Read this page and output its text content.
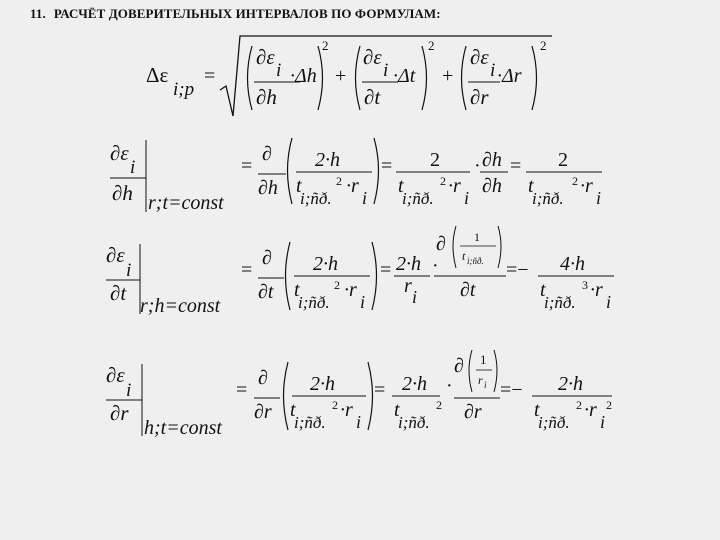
11. РАСЧЁТ ДОВЕРИТЕЛЬНЫХ ИНТЕРВАЛОВ ПО ФОРМУЛАМ:
Δε
i;p
=
∂ε
i
∂h
·Δh
2
+
∂ε
i
∂t
·Δt
2
+
∂ε
i
∂r
·Δr
2
∂ε
i
∂h r;t=const
=
∂
∂h
2·h
t
i;ñð.
2 ·r
i
= 2
t
i;ñð.
2 ·r
i
· ∂h
∂h
= 2
t
i;ñð.
2 ·r
i
∂ε
i
∂t
r;h=const
=
∂
∂t
2·h
t
i;ñð.
2 ·r
i
= 2·h
r i
·
∂ 1
t i;ñð.
∂t
=− 4·h
t
i;ñð.
3 ·r
i
∂ε
i
∂r
h;t=const
=
∂
∂r
2·h
t
i;ñð.
2 ·r
i
= 2·h
t
i;ñð.
2
·
∂ 1
r i
∂r
=− 2·h
t
i;ñð.
2 ·r
i
2
